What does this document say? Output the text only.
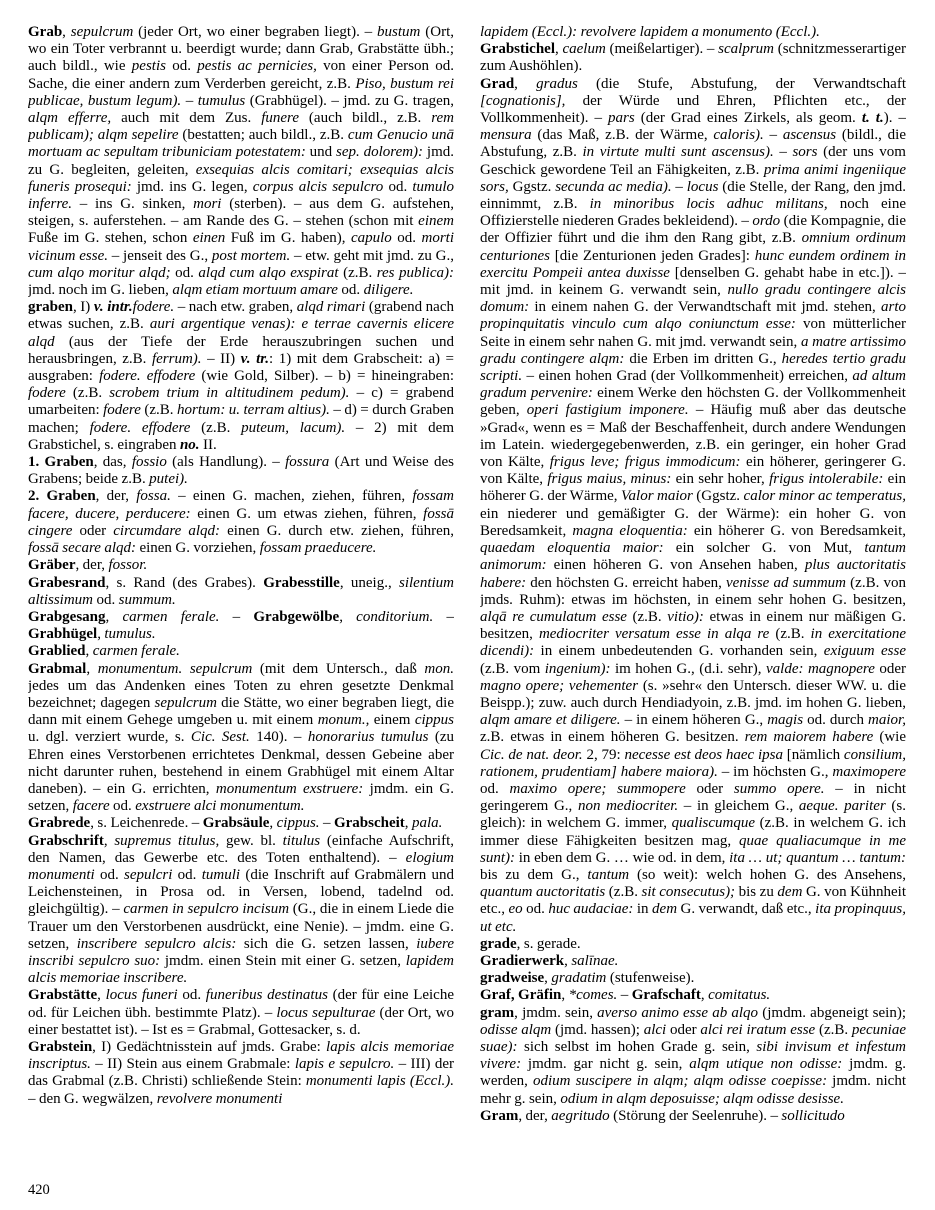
Grab, sepulcrum (jeder Ort, wo einer begraben liegt). – bustum (Ort, wo ein Toter verbrannt u. beerdigt wurde; dann Grab, Grabstätte übh.; auch bildl., wie pestis od. pestis ac pernicies, von einer Person od. Sache, die einer andern zum Verderben gereicht, z.B. Piso, bustum rei publicae, bustum legum). – tumulus (Grabhügel). – jmd. zu G. tragen, alqm efferre, auch mit dem Zus. funere (auch bildl., z.B. rem publicam); alqm sepelire (bestatten; auch bildl., z.B. cum Genucio unā mortuam ac sepultam tribuniciam potestatem: und sep. dolorem): jmd. zu G. begleiten, geleiten, exsequias alcis comitari; exsequias alcis funeris prosequi: jmd. ins G. legen, corpus alcis sepulcro od. tumulo inferre. – ins G. sinken, mori (sterben). – aus dem G. aufstehen, steigen, s. auferstehen. – am Rande des G. – stehen (schon mit einem Fuße im G. stehen, schon einen Fuß im G. haben), capulo od. morti vicinum esse. – jenseit des G., post mortem. – etw. geht mit jmd. zu G., cum alqo moritur alqd; od. alqd cum alqo exspirat (z.B. res publica): jmd. noch im G. lieben, alqm etiam mortuum amare od. diligere.

graben, I) v. intr.fodere. – nach etw. graben, alqd rimari (grabend nach etwas suchen, z.B. auri argentique venas): e terrae cavernis elicere alqd (aus der Tiefe der Erde herauszubringen suchen und herausbringen, z.B. ferrum). – II) v. tr.: 1) mit dem Grabscheit: a) = ausgraben: fodere. effodere (wie Gold, Silber). – b) = hineingraben: fodere (z.B. scrobem trium in altitudinem pedum). – c) = grabend umarbeiten: fodere (z.B. hortum: u. terram altius). – d) = durch Graben machen; fodere. effodere (z.B. puteum, lacum). – 2) mit dem Grabstichel, s. eingraben no. II.

1. Graben, das, fossio (als Handlung). – fossura (Art und Weise des Grabens; beide z.B. putei).

2. Graben, der, fossa. – einen G. machen, ziehen, führen, fossam facere, ducere, perducere: einen G. um etwas ziehen, führen, fossā cingere oder circumdare alqd: einen G. durch etw. ziehen, führen, fossā secare alqd: einen G. vorziehen, fossam praeducere.

Gräber, der, fossor.

Grabesrand, s. Rand (des Grabes). Grabesstille, uneig., silentium altissimum od. summum.

Grabgesang, carmen ferale. – Grabgewölbe, conditorium. – Grabhügel, tumulus.

Grablied, carmen ferale.

Grabmal, monumentum. sepulcrum (mit dem Untersch., daß mon. jedes um das Andenken eines Toten zu ehren gesetzte Denkmal bezeichnet; dagegen sepulcrum die Stätte, wo einer begraben liegt, die dann mit einem Gehege umgeben u. mit einem monum., einem cippus u. dgl. verziert wurde, s. Cic. Sest. 140). – honorarius tumulus (zu Ehren eines Verstorbenen errichtetes Denkmal, dessen Gebeine aber nicht darunter ruhen, bestehend in einem Grabhügel mit einem Altar daneben). – ein G. errichten, monumentum exstruere: jmdm. ein G. setzen, facere od. exstruere alci monumentum.

Grabrede, s. Leichenrede. – Grabsäule, cippus. – Grabscheit, pala.

Grabschrift, supremus titulus, gew. bl. titulus (einfache Aufschrift, den Namen, das Gewerbe etc. des Toten enthaltend). – elogium monumenti od. sepulcri od. tumuli (die Inschrift auf Grabmälern und Leichensteinen, in Prosa od. in Versen, lobend, tadelnd od. gleichgültig). – carmen in sepulcro incisum (G., die in einem Liede die Trauer um den Verstorbenen ausdrückt, eine Nenie). – jmdm. eine G. setzen, inscribere sepulcro alcis: sich die G. setzen lassen, iubere inscribi sepulcro suo: jmdm. einen Stein mit einer G. setzen, lapidem alcis memoriae inscribere.

Grabstätte, locus funeri od. funeribus destinatus (der für eine Leiche od. für Leichen übh. bestimmte Platz). – locus sepulturae (der Ort, wo einer bestattet ist). – Ist es = Grabmal, Gottesacker, s. d.

Grabstein, I) Gedächtnisstein auf jmds. Grabe: lapis alcis memoriae inscriptus. – II) Stein aus einem Grabmale: lapis e sepulcro. – III) der das Grabmal (z.B. Christi) schließende Stein: monumenti lapis (Eccl.). – den G. wegwälzen, revolvere monumenti

lapidem (Eccl.): revolvere lapidem a monumento (Eccl.).

Grabstichel, caelum (meißelartiger). – scalprum (schnitzmesserartiger zum Aushöhlen).

Grad, gradus (die Stufe, Abstufung, der Verwandtschaft [cognationis], der Würde und Ehren, Pflichten etc., der Vollkommenheit). – pars (der Grad eines Zirkels, als geom. t. t.). – mensura (das Maß, z.B. der Wärme, caloris). – ascensus (bildl., die Abstufung, z.B. in virtute multi sunt ascensus). – sors (der uns vom Geschick gewordene Teil an Fähigkeiten, z.B. prima animi ingeniique sors, Ggstz. secunda ac media). – locus (die Stelle, der Rang, den jmd. einnimmt, z.B. in minoribus locis adhuc militans, noch eine Offizierstelle niederen Grades bekleidend). – ordo (die Kompagnie, die der Offizier führt und die ihm den Rang gibt, z.B. omnium ordinum centuriones [die Zenturionen jeden Grades]: hunc eundem ordinem in exercitu Pompeii antea duxisse [denselben G. gehabt habe in etc.]). – mit jmd. in keinem G. verwandt sein, nullo gradu contingere alcis domum: in einem nahen G. der Verwandtschaft mit jmd. stehen, arto propinquitatis vinculo cum alqo coniunctum esse: von mütterlicher Seite in einem sehr nahen G. mit jmd. verwandt sein, a matre artissimo gradu contingere alqm: die Erben im dritten G., heredes tertio gradu scripti. – einen hohen Grad (der Vollkommenheit) erreichen, ad altum gradum pervenire: einem Werke den höchsten G. der Vollkommenheit geben, operi fastigium imponere. – Häufig muß aber das deutsche »Grad«, wenn es = Maß der Beschaffenheit, durch andere Wendungen im Latein. wiedergegebenwerden, z.B. ein geringer, ein hoher Grad von Kälte, frigus leve; frigus immodicum: ein höherer, geringerer G. von Kälte, frigus maius, minus: ein sehr hoher, frigus intolerabile: ein höherer G. der Wärme, Valor maior (Ggstz. calor minor ac temperatus, ein niederer und gemäßigter G. der Wärme): ein hoher G. von Beredsamkeit, magna eloquentia: ein höherer G. von Beredsamkeit, quaedam eloquentia maior: ein solcher G. von Mut, tantum animorum: einen höheren G. von Ansehen haben, plus auctoritatis habere: den höchsten G. erreicht haben, venisse ad summum (z.B. von jmds. Ruhm): etwas im höchsten, in einem sehr hohen G. besitzen, alqā re cumulatum esse (z.B. vitio): etwas in einem nur mäßigen G. besitzen, mediocriter versatum esse in alqa re (z.B. in exercitatione dicendi): in einem unbedeutenden G. vorhanden sein, exiguum esse (z.B. vom ingenium): im hohen G., (d.i. sehr), valde: magnopere oder magno opere; vehementer (s. »sehr« den Untersch. dieser WW. u. die Beispp.); zuw. auch durch Hendiadyoin, z.B. jmd. im hohen G. lieben, alqm amare et diligere. – in einem höheren G., magis od. durch maior, z.B. etwas in einem höheren G. besitzen. rem maiorem habere (wie Cic. de nat. deor. 2, 79: necesse est deos haec ipsa [nämlich consilium, rationem, prudentiam] habere maiora). – im höchsten G., maximopere od. maximo opere; summopere oder summo opere. – in nicht geringerem G., non mediocriter. – in gleichem G., aeque. pariter (s. gleich): in welchem G. immer, qualiscumque (z.B. in welchem G. ich immer diese Fähigkeiten besitzen mag, quae qualiacumque in me sunt): in eben dem G. … wie od. in dem, ita … ut; quantum … tantum: bis zu dem G., tantum (so weit): welch hohen G. des Ansehens, quantum auctoritatis (z.B. sit consecutus); bis zu dem G. von Kühnheit etc., eo od. huc audaciae: in dem G. verwandt, daß etc., ita propinquus, ut etc.

grade, s. gerade.

Gradierwerk, salīnae.

gradweise, gradatim (stufenweise).

Graf, Gräfin, *comes. – Grafschaft, comitatus.

gram, jmdm. sein, averso animo esse ab alqo (jmdm. abgeneigt sein); odisse alqm (jmd. hassen); alci oder alci rei iratum esse (z.B. pecuniae suae): sich selbst im hohen Grade g. sein, sibi invisum et infestum vivere: jmdm. gar nicht g. sein, alqm utique non odisse: jmdm. g. werden, odium suscipere in alqm; alqm odisse coepisse: jmdm. nicht mehr g. sein, odium in alqm deposuisse; alqm odisse desisse.

Gram, der, aegritudo (Störung der Seelenruhe). – sollicitudo

420
